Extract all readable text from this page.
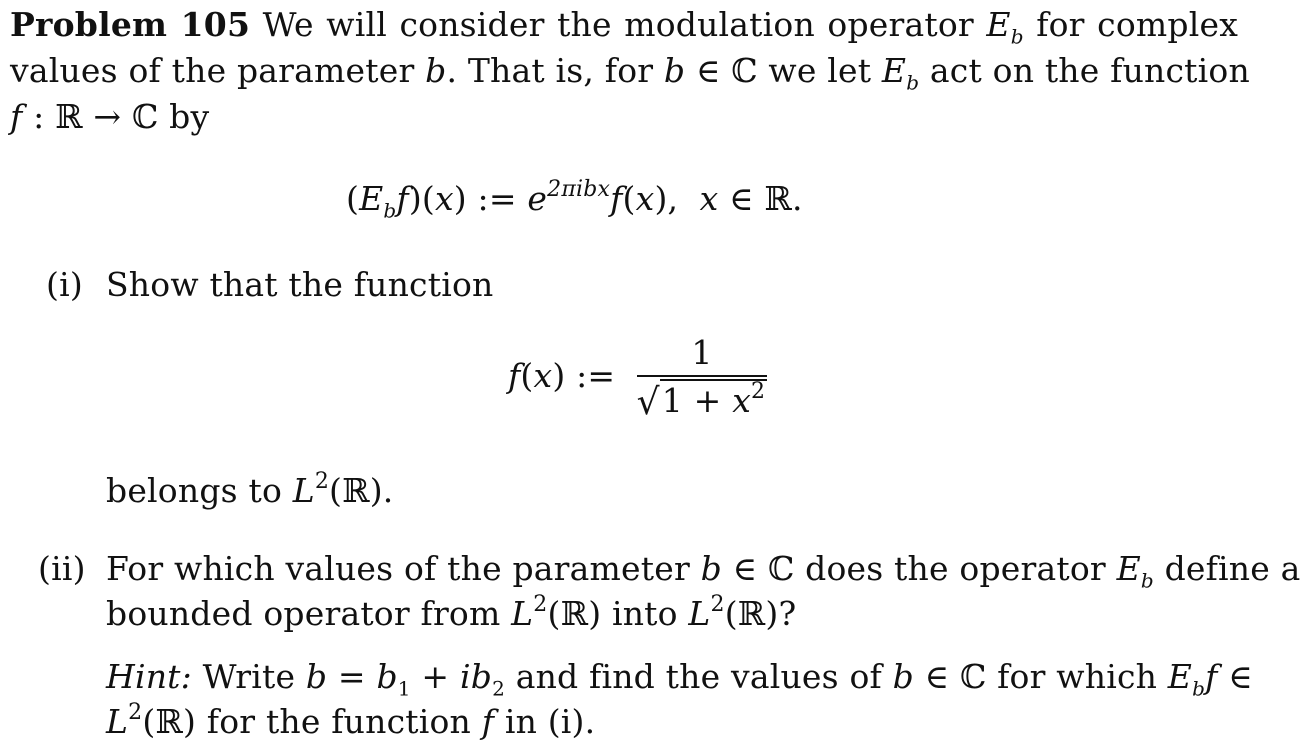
Problem 105 We will consider the modulation operator $E_b$ for complex
values of the parameter b. That is, for b ∈ ℂ we let $E_b$ act on the function
f : ℝ → ℂ by
$(E_bf)(x)$ := $e^{2\pi ibx}f(x)$,  x ∈ ℝ.
(i) Show that the function
f(x) := $\frac{1}{√1 + x^2}$
belongs to $L^2(ℝ)$.
(ii) For which values of the parameter b ∈ ℂ does the operator $E_b$ define a
bounded operator from $L^2(ℝ)$ into $L^2(ℝ)$?
Hint: Write $b = b_1 + ib_2$ and find the values of b ∈ ℂ for which $E_bf$ ∈
$L^2(ℝ)$ for the function f in (i).
